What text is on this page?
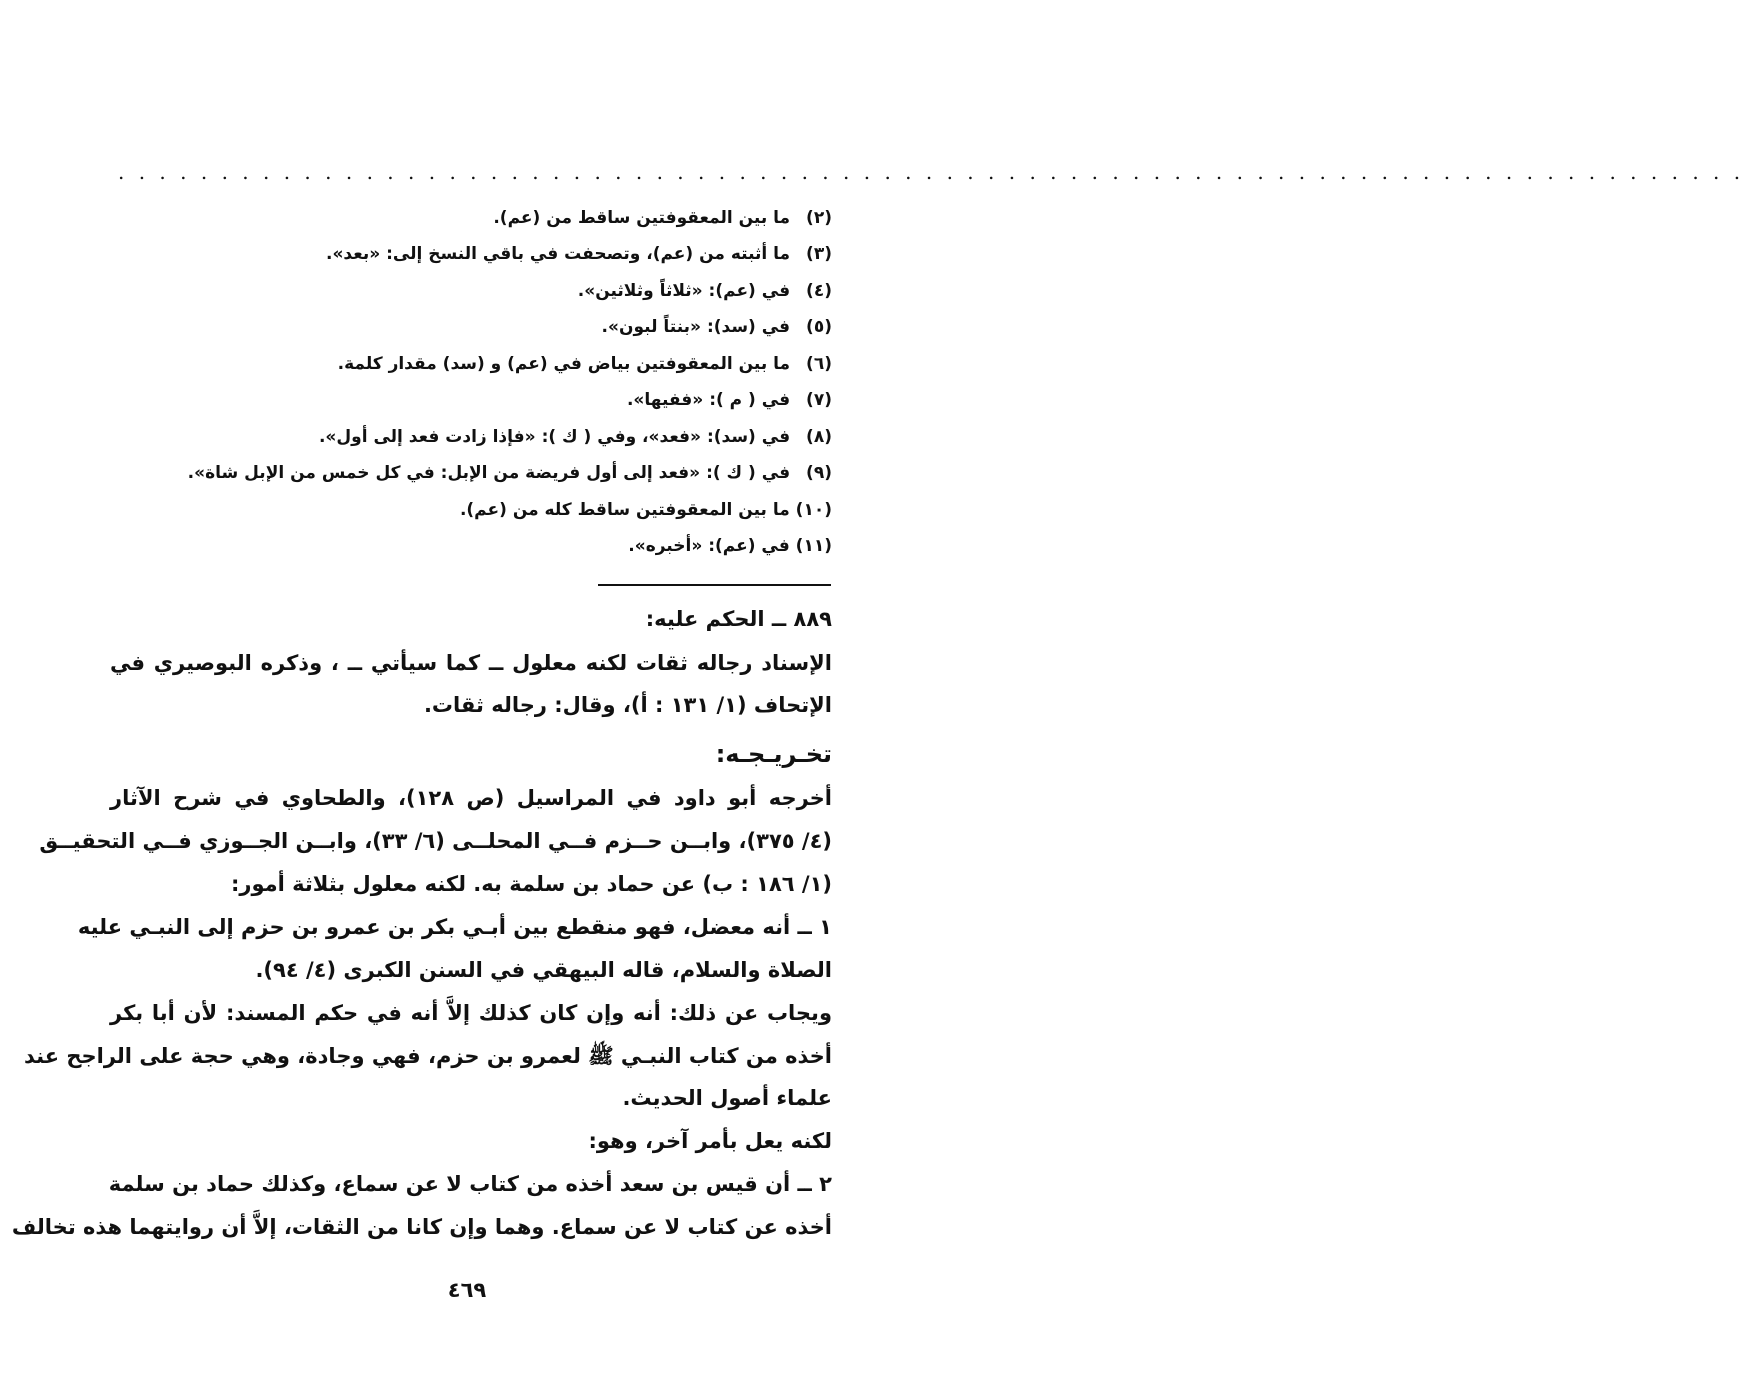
. . . . . . . . . . . . . . . . . . . . . . . . . . . . . . . . . . . . . . . . . . . . . . . . . . . . . . . . . . . . . . . . . . . . . . . . . . . . . . .
(٢) ما بين المعقوفتين ساقط من (عم).
(٣) ما أثبته من (عم)، وتصحفت في باقي النسخ إلى: «بعد».
(٤) في (عم): «ثلاثاً وثلاثين».
(٥) في (سد): «بنتاً لبون».
(٦) ما بين المعقوفتين بياض في (عم) و (سد) مقدار كلمة.
(٧) في ( م ): «ففيها».
(٨) في (سد): «فعد»، وفي ( ك ): «فإذا زادت فعد إلى أول».
(٩) في ( ك ): «فعد إلى أول فريضة من الإبل: في كل خمس من الإبل شاة».
(١٠) ما بين المعقوفتين ساقط كله من (عم).
(١١) في (عم): «أخبره».
٨٨٩ ــ الحكم عليه:
الإسناد رجاله ثقات لكنه معلول ــ كما سيأتي ــ ، وذكره البوصيري في
الإتحاف (١/ ١٣١ : أ)، وقال: رجاله ثقات.
تخـريـجـه:
أخرجه أبو داود في المراسيل (ص ١٢٨)، والطحاوي في شرح الآثار
(٤/ ٣٧٥)، وابــن حــزم فــي المحلــى (٦/ ٣٣)، وابــن الجــوزي فــي التحقيــق
(١/ ١٨٦ : ب) عن حماد بن سلمة به. لكنه معلول بثلاثة أمور:
١ ــ أنه معضل، فهو منقطع بين أبـي بكر بن عمرو بن حزم إلى النبـي عليه
الصلاة والسلام، قاله البيهقي في السنن الكبرى (٤/ ٩٤).
ويجاب عن ذلك: أنه وإن كان كذلك إلاَّ أنه في حكم المسند: لأن أبا بكر
أخذه من كتاب النبـي ﷺ لعمرو بن حزم، فهي وجادة، وهي حجة على الراجح عند
علماء أصول الحديث.
لكنه يعل بأمر آخر، وهو:
٢ ــ أن قيس بن سعد أخذه من كتاب لا عن سماع، وكذلك حماد بن سلمة
أخذه عن كتاب لا عن سماع. وهما وإن كانا من الثقات، إلاَّ أن روايتهما هذه تخالف
٤٦٩
